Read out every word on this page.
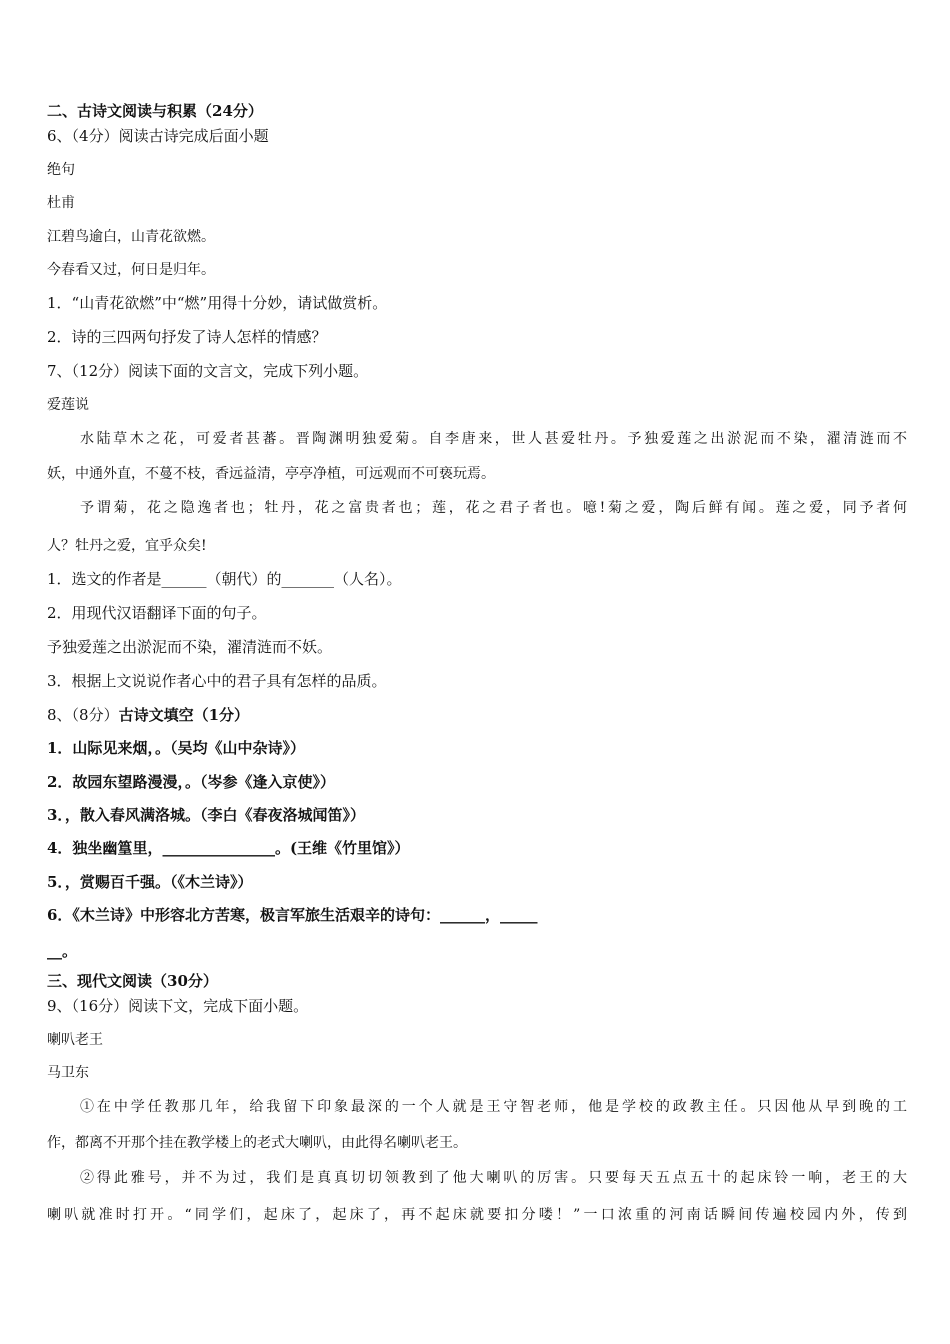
二、古诗文阅读与积累（24分）
6、（4分）阅读古诗完成后面小题
绝句
杜甫
江碧鸟逾白，山青花欲燃。
今春看又过，何日是归年。
1．“山青花欲燃”中“燃”用得十分妙，请试做赏析。
2．诗的三四两句抒发了诗人怎样的情感？
7、（12分）阅读下面的文言文，完成下列小题。
爱莲说
水陆草木之花，可爱者甚蕃。晋陶渊明独爱菊。自李唐来，世人甚爱牡丹。予独爱莲之出淤泥而不染，濯清涟而不
妖，中通外直，不蔓不枝，香远益清，亭亭净植，可远观而不可亵玩焉。
予谓菊，花之隐逸者也；牡丹，花之富贵者也；莲，花之君子者也。噫!菊之爱，陶后鲜有闻。莲之爱，同予者何
人？牡丹之爱，宜乎众矣!
1．选文的作者是______（朝代）的_______（人名）。
2．用现代汉语翻译下面的句子。
予独爱莲之出淤泥而不染，濯清涟而不妖。
3．根据上文说说作者心中的君子具有怎样的品质。
8、（8分）古诗文填空（1分）
1．山际见来烟，。（吴均《山中杂诗》）
2．故园东望路漫漫，。（岑参《逢入京使》）
3．，散入春风满洛城。（李白《春夜洛城闻笛》）
4．独坐幽篁里，_______________。(王维《竹里馆》）
5．，赏赐百千强。（《木兰诗》）
6．《木兰诗》中形容北方苦寒，极言军旅生活艰辛的诗句：______，_____
__。
三、现代文阅读（30分）
9、（16分）阅读下文，完成下面小题。
喇叭老王
马卫东
①在中学任教那几年，给我留下印象最深的一个人就是王守智老师，他是学校的政教主任。只因他从早到晚的工
作，都离不开那个挂在教学楼上的老式大喇叭，由此得名喇叭老王。
②得此雅号，并不为过，我们是真真切切领教到了他大喇叭的厉害。只要每天五点五十的起床铃一响，老王的大
喇叭就准时打开。“同学们，起床了，起床了，再不起床就要扣分喽！”一口浓重的河南话瞬间传遍校园内外，传到
